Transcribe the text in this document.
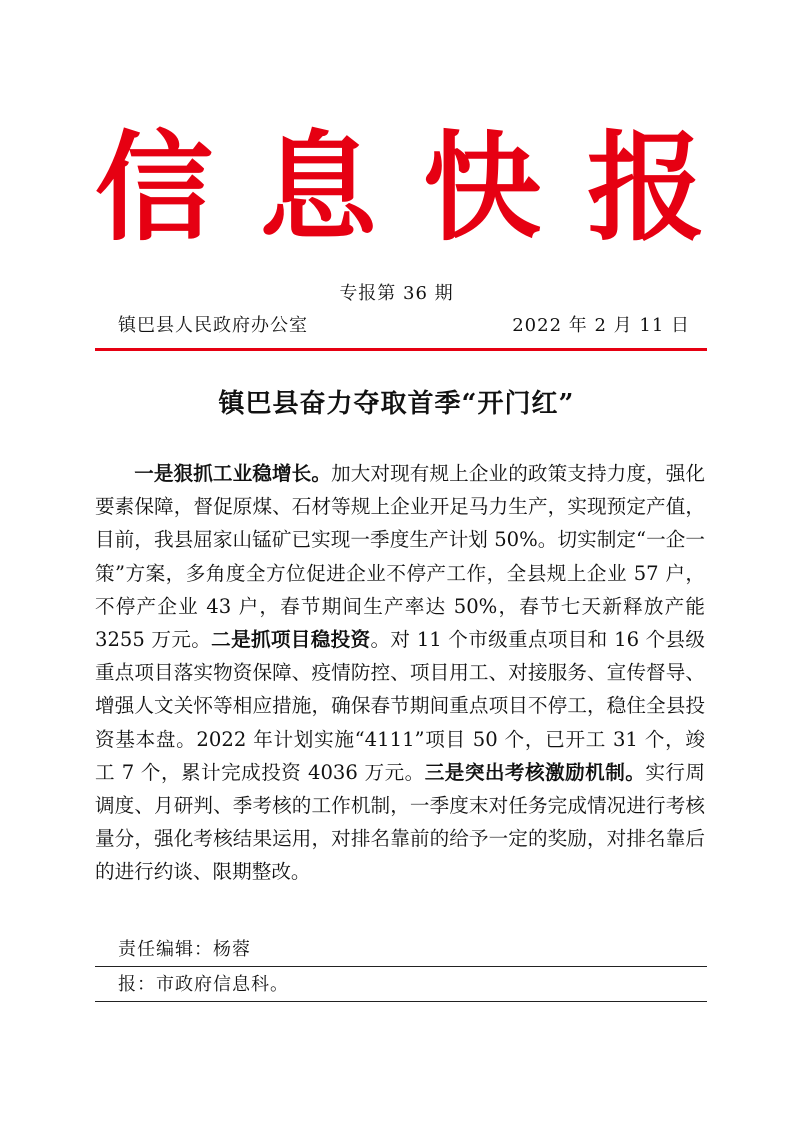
信 息 快 报
专报第 36 期
镇巴县人民政府办公室	2022 年 2 月 11 日
镇巴县奋力夺取首季“开门红”

一是狠抓工业稳增长。加大对现有规上企业的政策支持力度，强化要素保障，督促原煤、石材等规上企业开足马力生产，实现预定产值，目前，我县屈家山锰矿已实现一季度生产计划 50%。切实制定“一企一策”方案，多角度全方位促进企业不停产工作，全县规上企业 57 户，不停产企业 43 户，春节期间生产率达 50%，春节七天新释放产能 3255 万元。二是抓项目稳投资。对 11 个市级重点项目和 16 个县级重点项目落实物资保障、疫情防控、项目用工、对接服务、宣传督导、增强人文关怀等相应措施，确保春节期间重点项目不停工，稳住全县投资基本盘。2022 年计划实施“4111”项目 50 个，已开工 31 个，竣工 7 个，累计完成投资 4036 万元。三是突出考核激励机制。实行周调度、月研判、季考核的工作机制，一季度末对任务完成情况进行考核量分，强化考核结果运用，对排名靠前的给予一定的奖励，对排名靠后的进行约谈、限期整改。

责任编辑：杨蓉
报：市政府信息科。
